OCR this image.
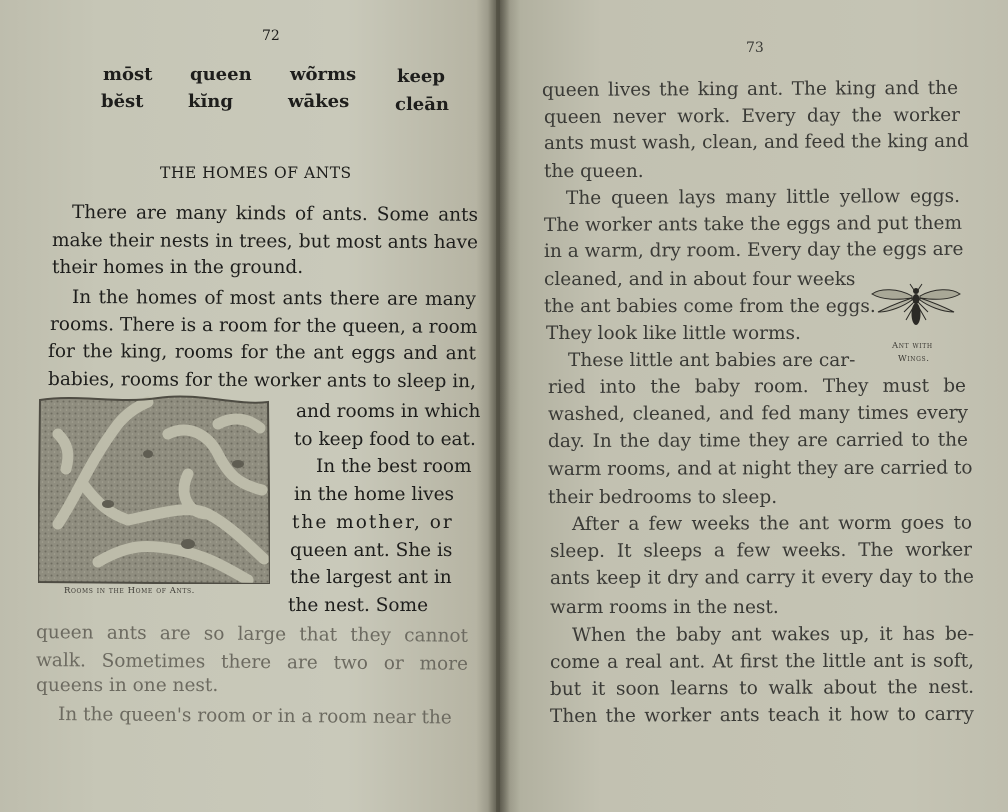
72
mōst queen wõrms keep
bĕst kĭng	wākes	cleān
THE HOMES OF ANTS
There are many kinds of ants. Some ants
make their nests in trees, but most ants have
their homes in the ground.
In the homes of most ants there are many
rooms. There is a room for the queen, a room
for the king, rooms for the ant eggs and ant
babies, rooms for the worker ants to sleep in,
Rooms in the Home of Ants.
and rooms in which
to keep food to eat.
In the best room
in the home lives
the mother, or
queen ant. She is
the largest ant in
the nest. Some
queen ants are so large that they cannot
walk. Sometimes there are two or more
queens in one nest.
In the queen's room or in a room near the
73
queen lives the king ant. The king and the
queen never work. Every day the worker
ants must wash, clean, and feed the king and
the queen.
The queen lays many little yellow eggs.
The worker ants take the eggs and put them
in a warm, dry room. Every day the eggs are
cleaned, and in about four weeks
the ant babies come from the eggs.
They look like little worms.
Ant with
Wings.
These little ant babies are car-
ried into the baby room. They must be
washed, cleaned, and fed many times every
day. In the day time they are carried to the
warm rooms, and at night they are carried to
their bedrooms to sleep.
After a few weeks the ant worm goes to
sleep. It sleeps a few weeks. The worker
ants keep it dry and carry it every day to the
warm rooms in the nest.
When the baby ant wakes up, it has be-
come a real ant. At first the little ant is soft,
but it soon learns to walk about the nest.
Then the worker ants teach it how to carry
